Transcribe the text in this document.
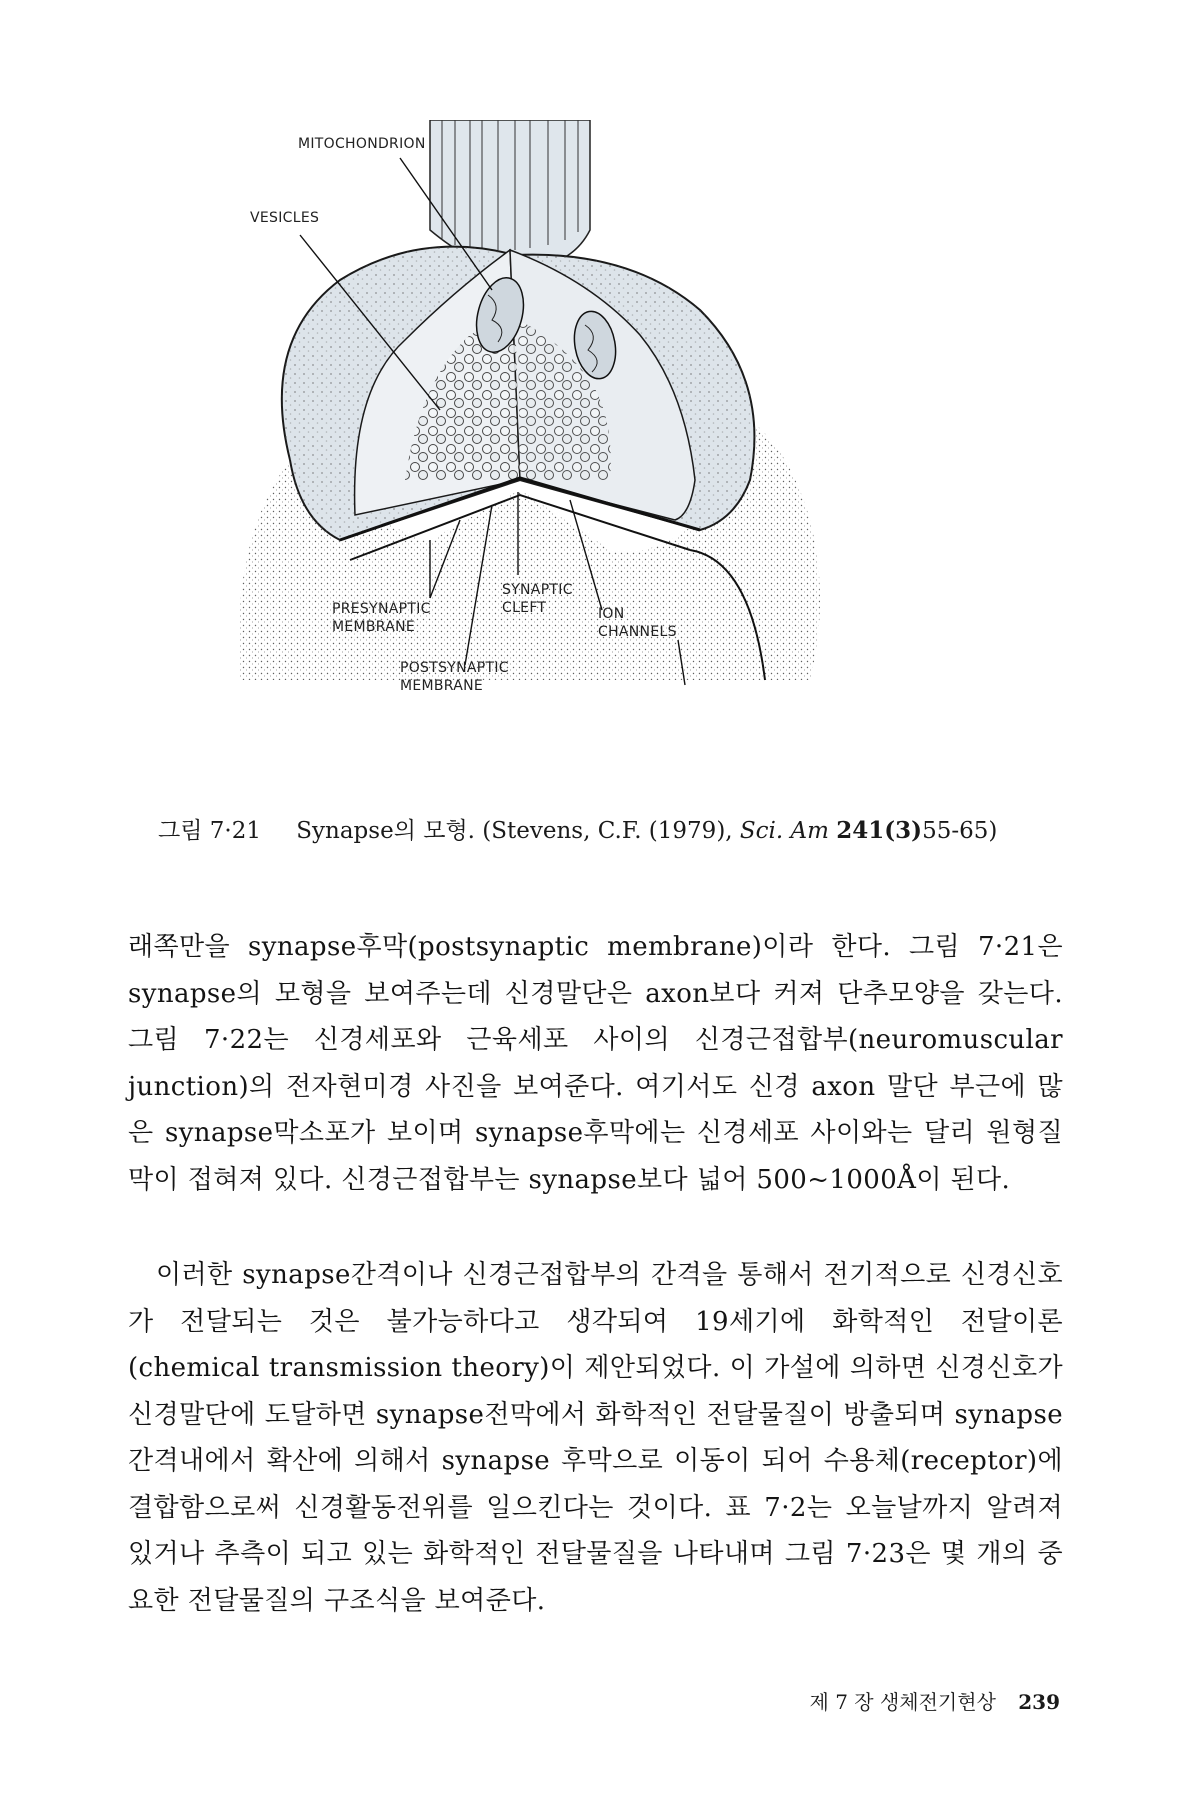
MITOCHONDRION
VESICLES
PRESYNAPTIC
MEMBRANE
SYNAPTIC
CLEFT	ION
CHANNELS
POSTSYNAPTIC
MEMBRANE
그림 7·21 Synapse의 모형. (Stevens, C.F. (1979), Sci. Am 241(3)55-65)

래쪽만을 synapse후막(postsynaptic membrane)이라 한다. 그림 7·21은 synapse의 모형을 보여주는데 신경말단은 axon보다 커져 단추모양을 갖는다. 그림 7·22는 신경세포와 근육세포 사이의 신경근접합부(neuromuscular junction)의 전자현미경 사진을 보여준다. 여기서도 신경 axon 말단 부근에 많은 synapse막소포가 보이며 synapse후막에는 신경세포 사이와는 달리 원형질막이 접혀져 있다. 신경근접합부는 synapse보다 넓어 500~1000Å이 된다.

이러한 synapse간격이나 신경근접합부의 간격을 통해서 전기적으로 신경신호가 전달되는 것은 불가능하다고 생각되여 19세기에 화학적인 전달이론(chemical transmission theory)이 제안되었다. 이 가설에 의하면 신경신호가 신경말단에 도달하면 synapse전막에서 화학적인 전달물질이 방출되며 synapse간격내에서 확산에 의해서 synapse 후막으로 이동이 되어 수용체(receptor)에 결합함으로써 신경활동전위를 일으킨다는 것이다. 표 7·2는 오늘날까지 알려져 있거나 추측이 되고 있는 화학적인 전달물질을 나타내며 그림 7·23은 몇 개의 중요한 전달물질의 구조식을 보여준다.

제 7 장 생체전기현상 239
